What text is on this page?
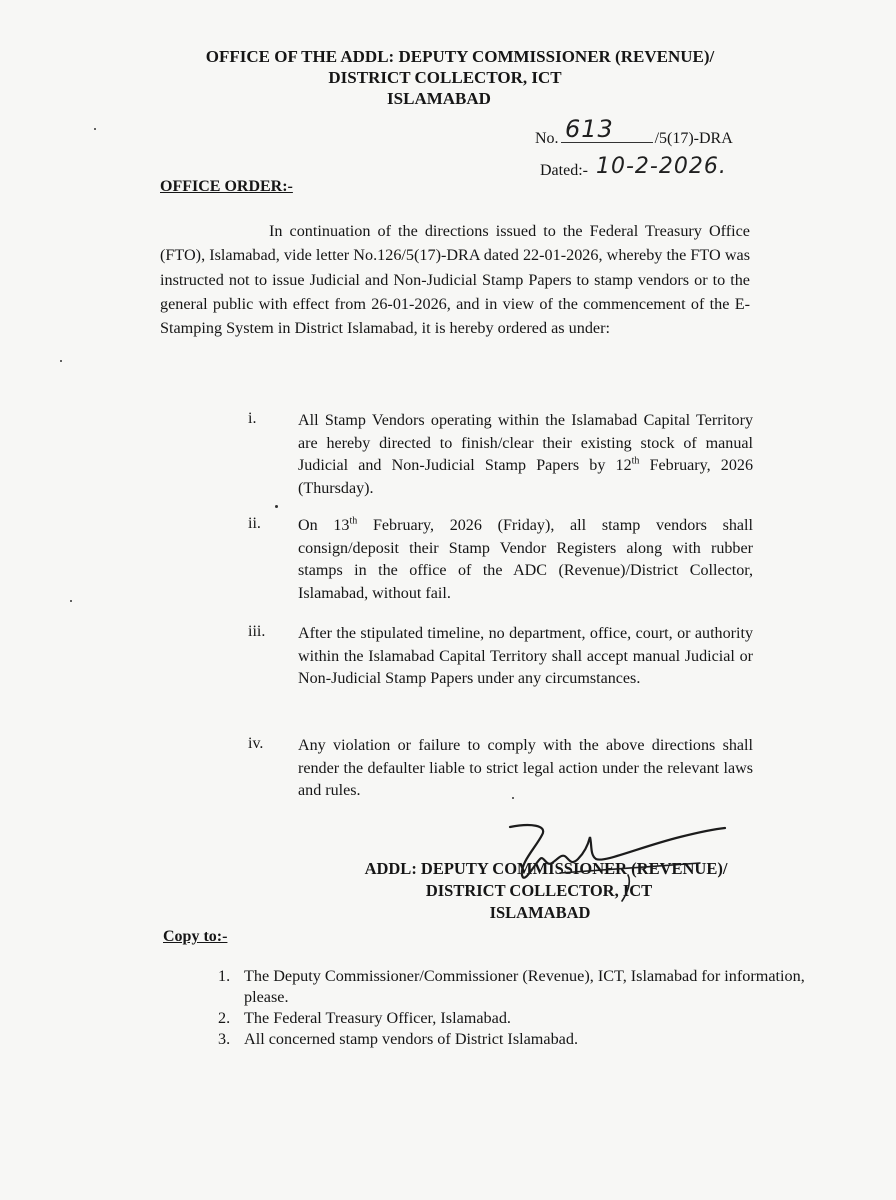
OFFICE OF THE ADDL: DEPUTY COMMISSIONER (REVENUE)/
DISTRICT COLLECTOR, ICT
ISLAMABAD
No.	/5(17)-DRA
613
Dated:- 10-2-2026.
OFFICE ORDER:-
In continuation of the directions issued to the Federal Treasury Office (FTO), Islamabad, vide letter No.126/5(17)-DRA dated 22-01-2026, whereby the FTO was instructed not to issue Judicial and Non-Judicial Stamp Papers to stamp vendors or to the general public with effect from 26-01-2026, and in view of the commencement of the E-Stamping System in District Islamabad, it is hereby ordered as under:
i.	All Stamp Vendors operating within the Islamabad Capital Territory are hereby directed to finish/clear their existing stock of manual Judicial and Non-Judicial Stamp Papers by 12th February, 2026 (Thursday).
ii.	On 13th February, 2026 (Friday), all stamp vendors shall consign/deposit their Stamp Vendor Registers along with rubber stamps in the office of the ADC (Revenue)/District Collector, Islamabad, without fail.
iii.	After the stipulated timeline, no department, office, court, or authority within the Islamabad Capital Territory shall accept manual Judicial or Non-Judicial Stamp Papers under any circumstances.
iv.	Any violation or failure to comply with the above directions shall render the defaulter liable to strict legal action under the relevant laws and rules.
ADDL: DEPUTY COMMISSIONER (REVENUE)/
DISTRICT COLLECTOR, ICT
ISLAMABAD
Copy to:-
1. The Deputy Commissioner/Commissioner (Revenue), ICT, Islamabad for information, please.
2. The Federal Treasury Officer, Islamabad.
3. All concerned stamp vendors of District Islamabad.
